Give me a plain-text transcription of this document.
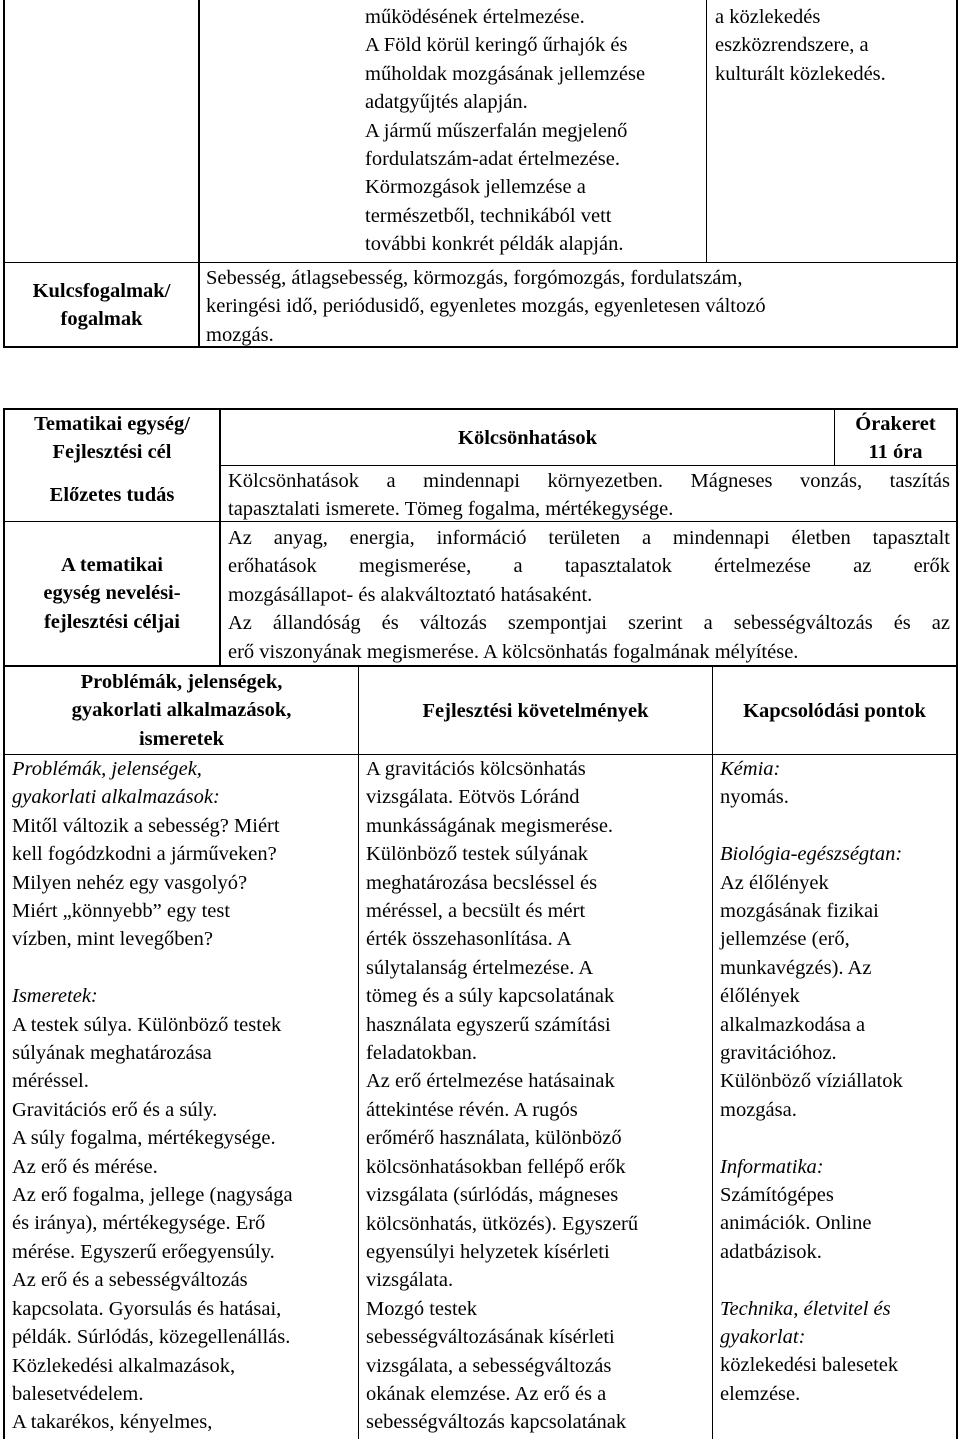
működésének értelmezése.
A Föld körül keringő űrhajók és
műholdak mozgásának jellemzése
adatgyűjtés alapján.
A jármű műszerfalán megjelenő
fordulatszám-adat értelmezése.
Körmozgások jellemzése a
természetből, technikából vett
további konkrét példák alapján.
a közlekedés
eszközrendszere, a
kulturált közlekedés.
Kulcsfogalmak/
fogalmak
Sebesség, átlagsebesség, körmozgás, forgómozgás, fordulatszám,
keringési idő, periódusidő, egyenletes mozgás, egyenletesen változó
mozgás.
Tematikai egység/
Fejlesztési cél
Kölcsönhatások
Órakeret
11 óra
Előzetes tudás
Kölcsönhatások a mindennapi környezetben. Mágneses vonzás, taszítás
tapasztalati ismerete. Tömeg fogalma, mértékegysége.
A tematikai
egység nevelési-
fejlesztési céljai
Az anyag, energia, információ területen a mindennapi életben tapasztalt
erőhatások megismerése, a tapasztalatok értelmezése az erők
mozgásállapot- és alakváltoztató hatásaként.
Az állandóság és változás szempontjai szerint a sebességváltozás és az
erő viszonyának megismerése. A kölcsönhatás fogalmának mélyítése.
Problémák, jelenségek,
gyakorlati alkalmazások,
ismeretek
Fejlesztési követelmények	Kapcsolódási pontok
Problémák, jelenségek,
gyakorlati alkalmazások:
Mitől változik a sebesség? Miért
kell fogódzkodni a járműveken?
Milyen nehéz egy vasgolyó?
Miért „könnyebb” egy test
vízben, mint levegőben?
Ismeretek:
A testek súlya. Különböző testek
súlyának meghatározása
méréssel.
Gravitációs erő és a súly.
A súly fogalma, mértékegysége.
Az erő és mérése.
Az erő fogalma, jellege (nagysága
és iránya), mértékegysége. Erő
mérése. Egyszerű erőegyensúly.
Az erő és a sebességváltozás
kapcsolata. Gyorsulás és hatásai,
példák. Súrlódás, közegellenállás.
Közlekedési alkalmazások,
balesetvédelem.
A takarékos, kényelmes,
A gravitációs kölcsönhatás
vizsgálata. Eötvös Lóránd
munkásságának megismerése.
Különböző testek súlyának
meghatározása becsléssel és
méréssel, a becsült és mért
érték összehasonlítása. A
súlytalanság értelmezése. A
tömeg és a súly kapcsolatának
használata egyszerű számítási
feladatokban.
Az erő értelmezése hatásainak
áttekintése révén. A rugós
erőmérő használata, különböző
kölcsönhatásokban fellépő erők
vizsgálata (súrlódás, mágneses
kölcsönhatás, ütközés). Egyszerű
egyensúlyi helyzetek kísérleti
vizsgálata.
Mozgó testek
sebességváltozásának kísérleti
vizsgálata, a sebességváltozás
okának elemzése. Az erő és a
sebességváltozás kapcsolatának
Kémia:
nyomás.
Biológia-egészségtan:
Az élőlények
mozgásának fizikai
jellemzése (erő,
munkavégzés). Az
élőlények
alkalmazkodása a
gravitációhoz.
Különböző víziállatok
mozgása.
Informatika:
Számítógépes
animációk. Online
adatbázisok.
Technika, életvitel és
gyakorlat:
közlekedési balesetek
elemzése.
